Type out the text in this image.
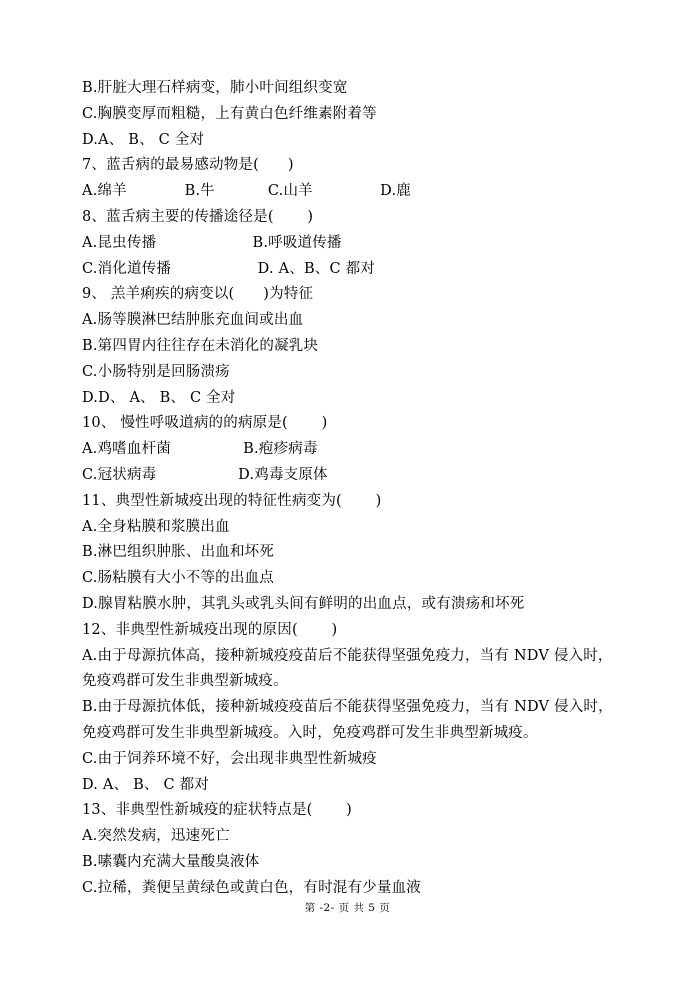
B.肝脏大理石样病变，肺小叶间组织变宽
C.胸膜变厚而粗糙，上有黄白色纤维素附着等
D.A、 B、 C 全对
7、蓝舌病的最易感动物是(      )
A.绵羊            B.牛           C.山羊              D.鹿
8、蓝舌病主要的传播途径是(       )
A.昆虫传播                    B.呼吸道传播
C.消化道传播                  D. A、B、C 都对
9、 羔羊痢疾的病变以(      )为特征
A.肠等膜淋巴结肿胀充血间或出血
B.第四胃内往往存在未消化的凝乳块
C.小肠特别是回肠溃疡
D.D、 A、 B、 C 全对
10、 慢性呼吸道病的的病原是(       )
A.鸡嗜血杆菌               B.疱疹病毒
C.冠状病毒                 D.鸡毒支原体
11、典型性新城疫出现的特征性病变为(       )
A.全身粘膜和浆膜出血
B.淋巴组织肿胀、出血和坏死
C.肠粘膜有大小不等的出血点
D.腺胃粘膜水肿，其乳头或乳头间有鲜明的出血点，或有溃疡和坏死
12、非典型性新城疫出现的原因(       )
A.由于母源抗体高，接种新城疫疫苗后不能获得坚强免疫力，当有 NDV 侵入时，
免疫鸡群可发生非典型新城疫。
B.由于母源抗体低，接种新城疫疫苗后不能获得坚强免疫力，当有 NDV 侵入时，
免疫鸡群可发生非典型新城疫。入时，免疫鸡群可发生非典型新城疫。
C.由于饲养环境不好，会出现非典型性新城疫
D. A、 B、 C 都对
13、非典型性新城疫的症状特点是(       )
A.突然发病，迅速死亡
B.嗉囊内充满大量酸臭液体
C.拉稀，粪便呈黄绿色或黄白色，有时混有少量血液
第 -2- 页 共 5 页
